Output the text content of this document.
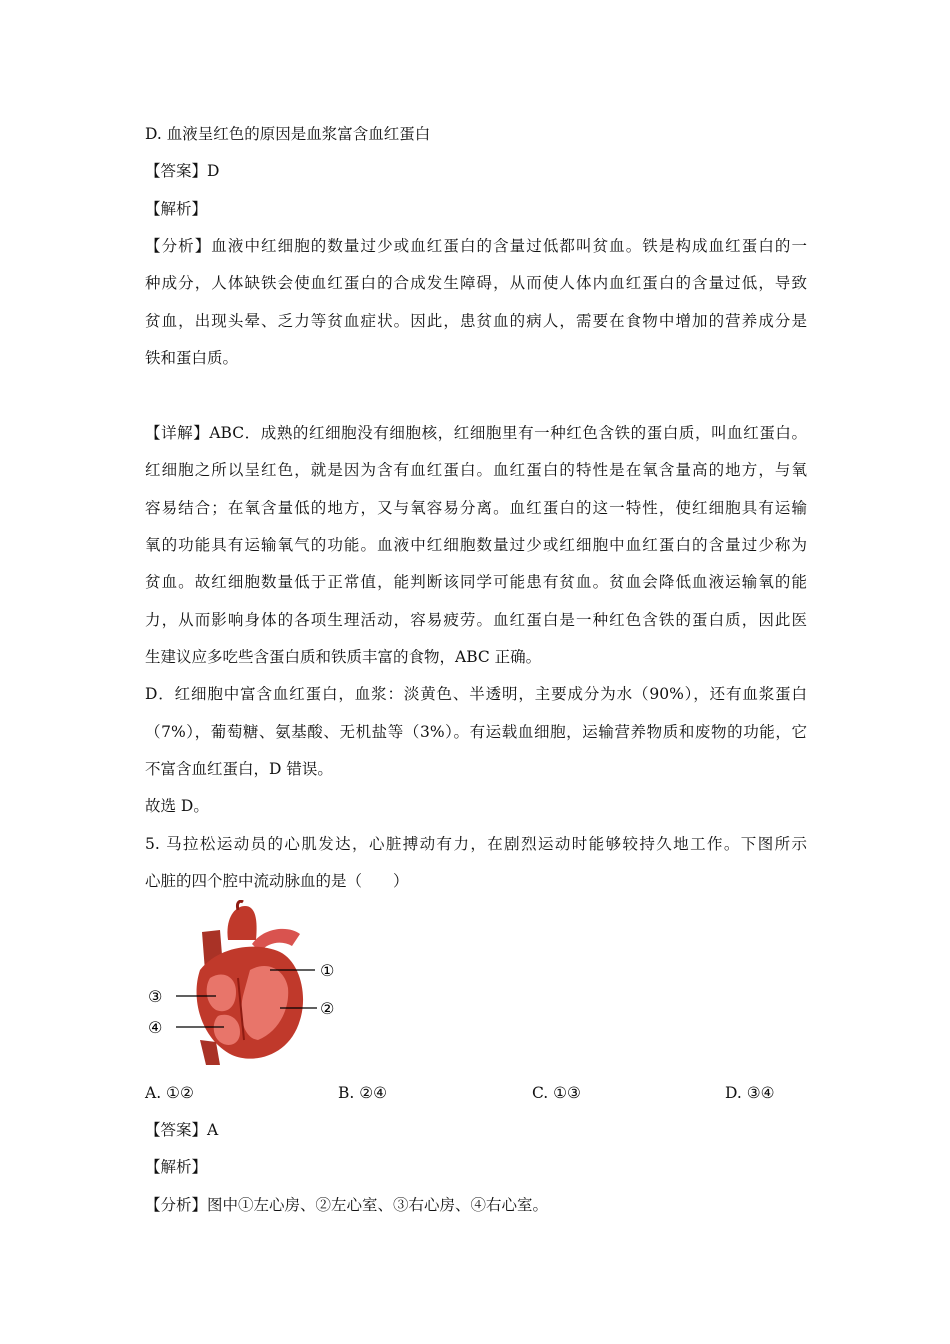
D. 血液呈红色的原因是血浆富含血红蛋白
【答案】D
【解析】
【分析】血液中红细胞的数量过少或血红蛋白的含量过低都叫贫血。铁是构成血红蛋白的一
种成分，人体缺铁会使血红蛋白的合成发生障碍，从而使人体内血红蛋白的含量过低，导致
贫血，出现头晕、乏力等贫血症状。因此，患贫血的病人，需要在食物中增加的营养成分是
铁和蛋白质。
【详解】ABC．成熟的红细胞没有细胞核，红细胞里有一种红色含铁的蛋白质，叫血红蛋白。
红细胞之所以呈红色，就是因为含有血红蛋白。血红蛋白的特性是在氧含量高的地方，与氧
容易结合；在氧含量低的地方，又与氧容易分离。血红蛋白的这一特性，使红细胞具有运输
氧的功能具有运输氧气的功能。血液中红细胞数量过少或红细胞中血红蛋白的含量过少称为
贫血。故红细胞数量低于正常值，能判断该同学可能患有贫血。贫血会降低血液运输氧的能
力，从而影响身体的各项生理活动，容易疲劳。血红蛋白是一种红色含铁的蛋白质，因此医
生建议应多吃些含蛋白质和铁质丰富的食物，ABC 正确。
D．红细胞中富含血红蛋白，血浆：淡黄色、半透明，主要成分为水（90%），还有血浆蛋白
（7%），葡萄糖、氨基酸、无机盐等（3%）。有运载血细胞，运输营养物质和废物的功能，它
不富含血红蛋白，D 错误。
故选 D。
5. 马拉松运动员的心肌发达，心脏搏动有力，在剧烈运动时能够较持久地工作。下图所示
心脏的四个腔中流动脉血的是（　　）
①
②
③
④
A. ①②	B. ②④	C. ①③	D. ③④
【答案】A
【解析】
【分析】图中①左心房、②左心室、③右心房、④右心室。
